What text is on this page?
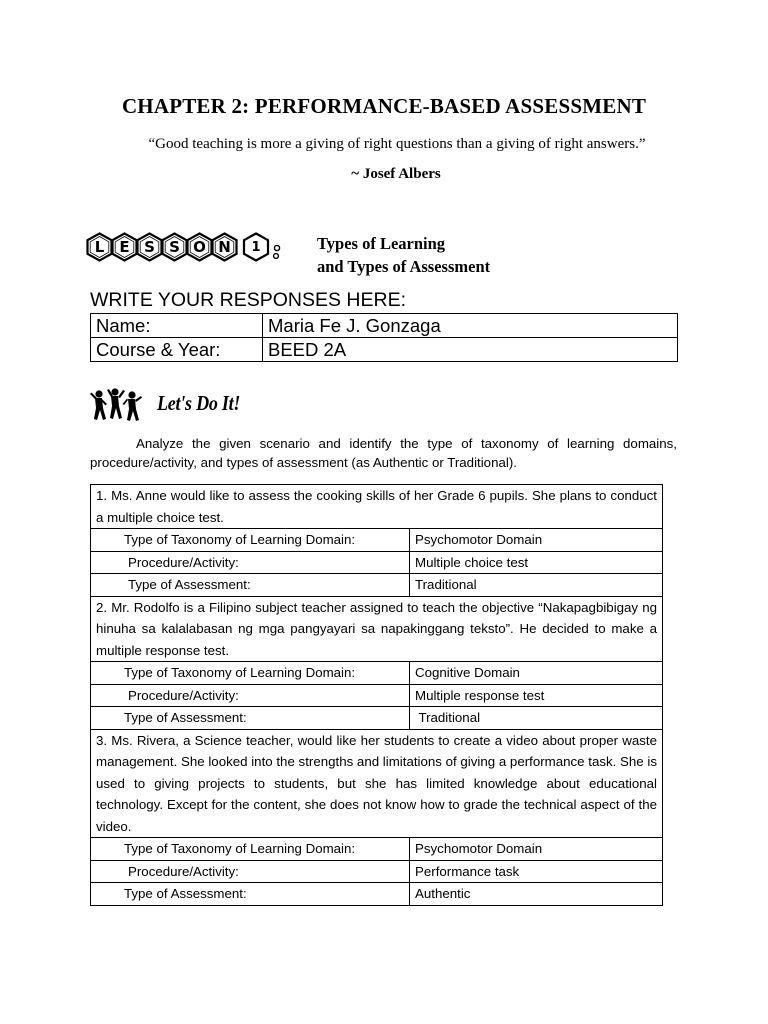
CHAPTER 2: PERFORMANCE-BASED ASSESSMENT
“Good teaching is more a giving of right questions than a giving of right answers.”
~ Josef Albers
L E S S O N 1	Types of Learning
and Types of Assessment
WRITE YOUR RESPONSES HERE:
Name:	Maria Fe J. Gonzaga
Course & Year:	BEED 2A
Let's Do It!

Analyze the given scenario and identify the type of taxonomy of learning domains, procedure/activity, and types of assessment (as Authentic or Traditional).

1. Ms. Anne would like to assess the cooking skills of her Grade 6 pupils. She plans to conduct a multiple choice test.	
Type of Taxonomy of Learning Domain:	Psychomotor Domain
Procedure/Activity:	Multiple choice test
Type of Assessment:	Traditional
2. Mr. Rodolfo is a Filipino subject teacher assigned to teach the objective “Nakapagbibigay ng hinuha sa kalalabasan ng mga pangyayari sa napakinggang teksto”. He decided to make a multiple response test.	
Type of Taxonomy of Learning Domain:	Cognitive Domain
Procedure/Activity:	Multiple response test
Type of Assessment:	Traditional
3. Ms. Rivera, a Science teacher, would like her students to create a video about proper waste management. She looked into the strengths and limitations of giving a performance task. She is used to giving projects to students, but she has limited knowledge about educational technology. Except for the content, she does not know how to grade the technical aspect of the video.	
Type of Taxonomy of Learning Domain:	Psychomotor Domain
Procedure/Activity:	Performance task
Type of Assessment:	Authentic
